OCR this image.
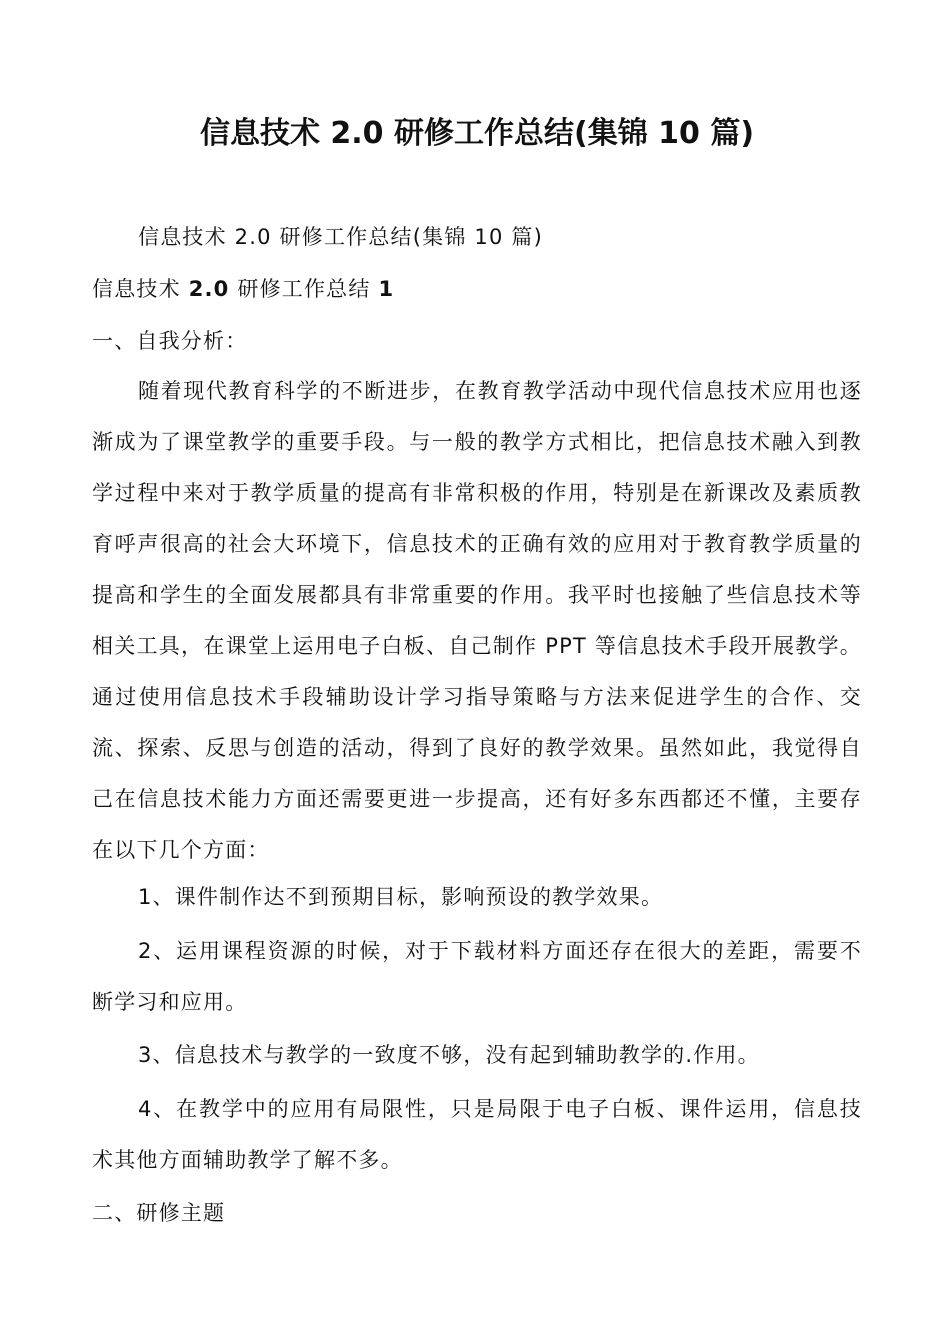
信息技术 2.0 研修工作总结(集锦 10 篇)
信息技术 2.0 研修工作总结(集锦 10 篇)
信息技术 2.0 研修工作总结 1
一、自我分析：
随着现代教育科学的不断进步，在教育教学活动中现代信息技术应用也逐渐成为了课堂教学的重要手段。与一般的教学方式相比，把信息技术融入到教学过程中来对于教学质量的提高有非常积极的作用，特别是在新课改及素质教育呼声很高的社会大环境下，信息技术的正确有效的应用对于教育教学质量的提高和学生的全面发展都具有非常重要的作用。我平时也接触了些信息技术等相关工具，在课堂上运用电子白板、自己制作 PPT 等信息技术手段开展教学。通过使用信息技术手段辅助设计学习指导策略与方法来促进学生的合作、交流、探索、反思与创造的活动，得到了良好的教学效果。虽然如此，我觉得自己在信息技术能力方面还需要更进一步提高，还有好多东西都还不懂，主要存在以下几个方面：
1、课件制作达不到预期目标，影响预设的教学效果。
2、运用课程资源的时候，对于下载材料方面还存在很大的差距，需要不断学习和应用。
3、信息技术与教学的一致度不够，没有起到辅助教学的.作用。
4、在教学中的应用有局限性，只是局限于电子白板、课件运用，信息技术其他方面辅助教学了解不多。
二、研修主题
